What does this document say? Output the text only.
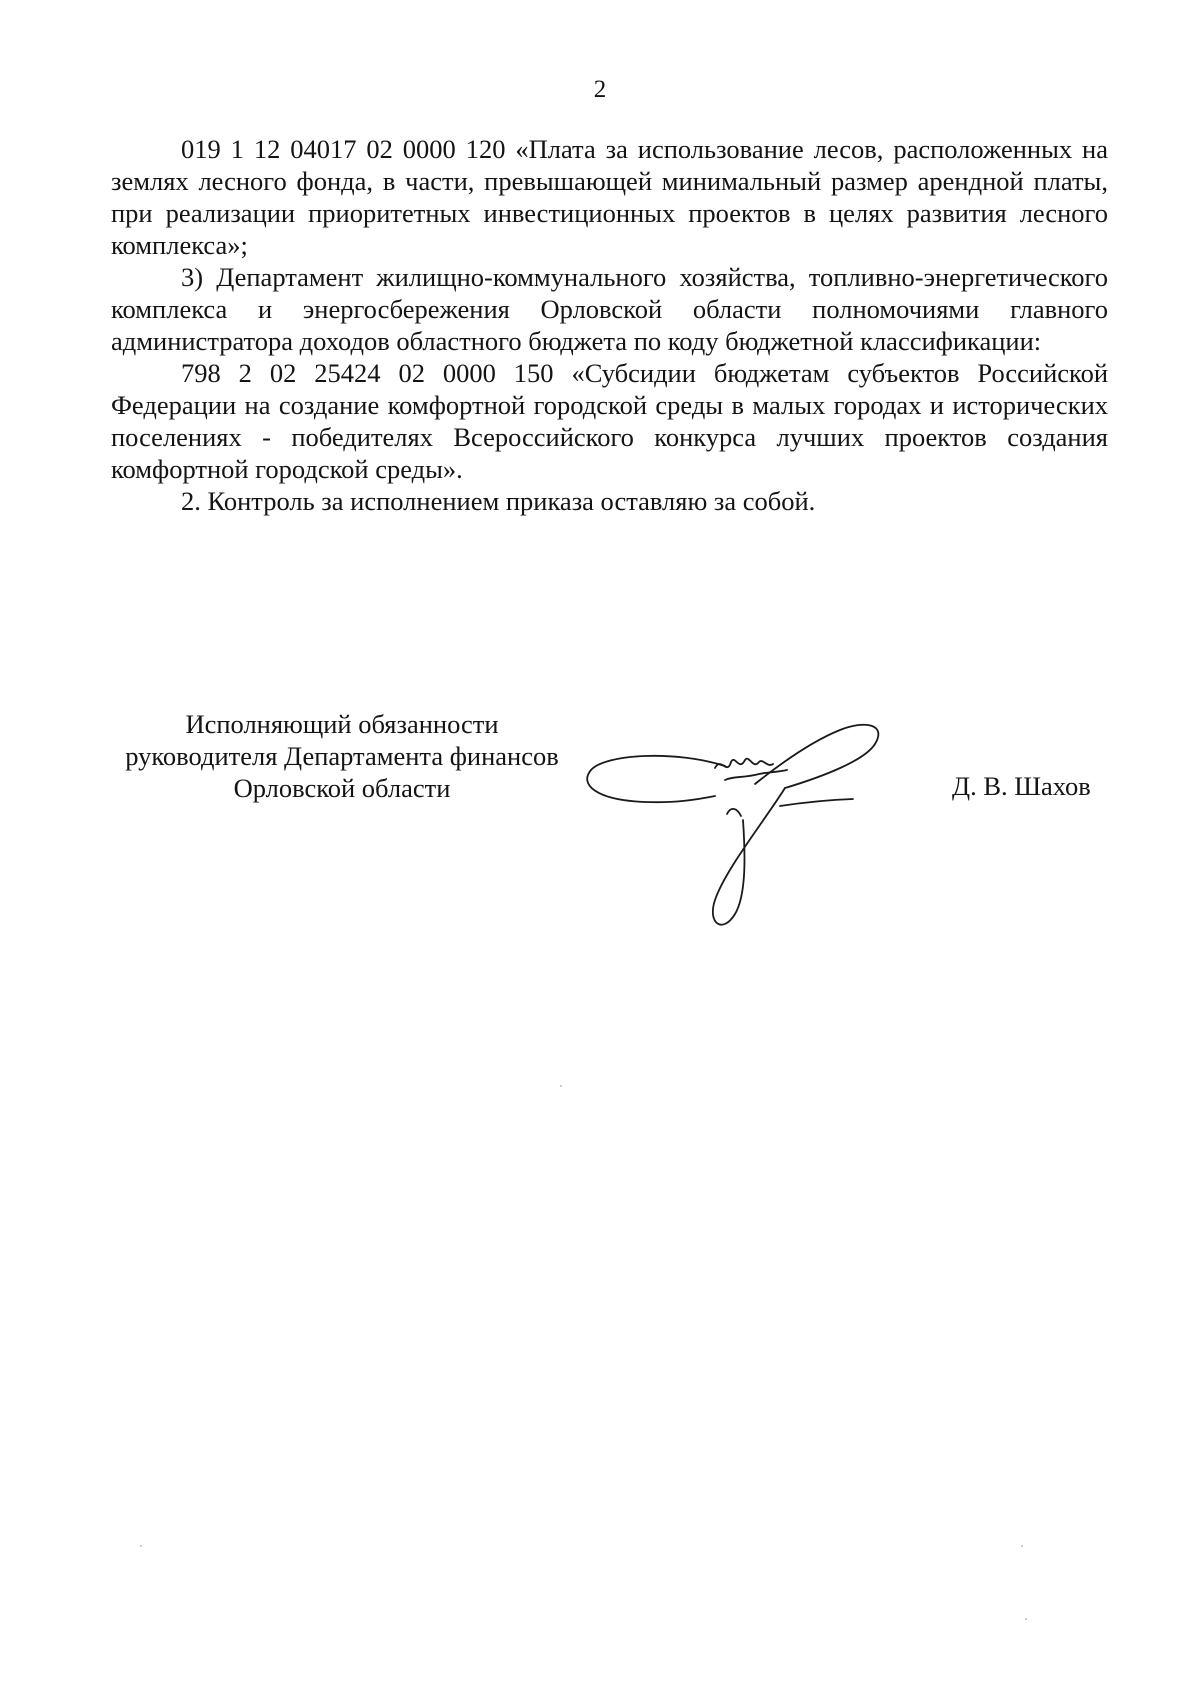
2

019 1 12 04017 02 0000 120 «Плата за использование лесов, расположенных на землях лесного фонда, в части, превышающей минимальный размер арендной платы, при реализации приоритетных инвестиционных проектов в целях развития лесного комплекса»;

3) Департамент жилищно-коммунального хозяйства, топливно-энергетического комплекса и энергосбережения Орловской области полномочиями главного администратора доходов областного бюджета по коду бюджетной классификации:

798 2 02 25424 02 0000 150 «Субсидии бюджетам субъектов Российской Федерации на создание комфортной городской среды в малых городах и исторических поселениях - победителях Всероссийского конкурса лучших проектов создания комфортной городской среды».

2. Контроль за исполнением приказа оставляю за собой.

Исполняющий обязанности
руководителя Департамента финансов
Орловской области	Д. В. Шахов
